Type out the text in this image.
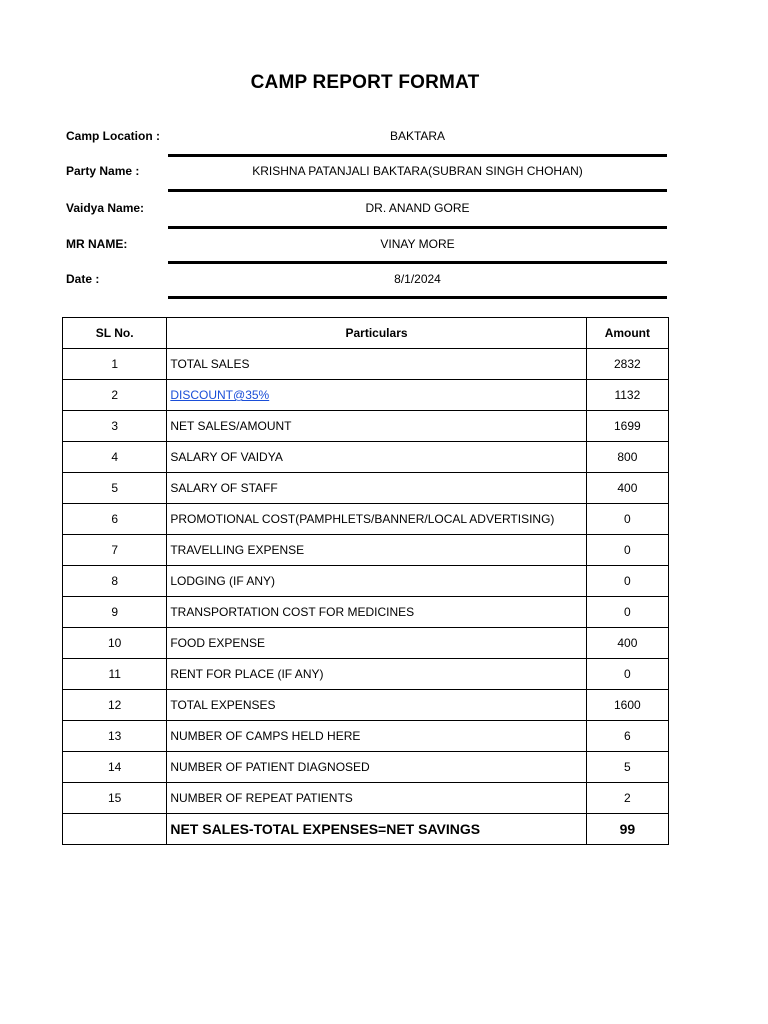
CAMP REPORT FORMAT
Camp Location :	BAKTARA
Party Name :	KRISHNA PATANJALI BAKTARA(SUBRAN SINGH CHOHAN)
Vaidya Name:	DR. ANAND GORE
MR NAME:	VINAY MORE
Date :	8/1/2024
SL No.	Particulars	Amount
1	TOTAL SALES	2832
2	DISCOUNT@35%	1132
3	NET SALES/AMOUNT	1699
4	SALARY OF VAIDYA	800
5	SALARY OF STAFF	400
6	PROMOTIONAL COST(PAMPHLETS/BANNER/LOCAL ADVERTISING)	0
7	TRAVELLING EXPENSE	0
8	LODGING (IF ANY)	0
9	TRANSPORTATION COST FOR MEDICINES	0
10	FOOD EXPENSE	400
11	RENT FOR PLACE (IF ANY)	0
12	TOTAL EXPENSES	1600
13	NUMBER OF CAMPS HELD HERE	6
14	NUMBER OF PATIENT DIAGNOSED	5
15	NUMBER OF REPEAT PATIENTS	2
	NET SALES-TOTAL EXPENSES=NET SAVINGS	99
